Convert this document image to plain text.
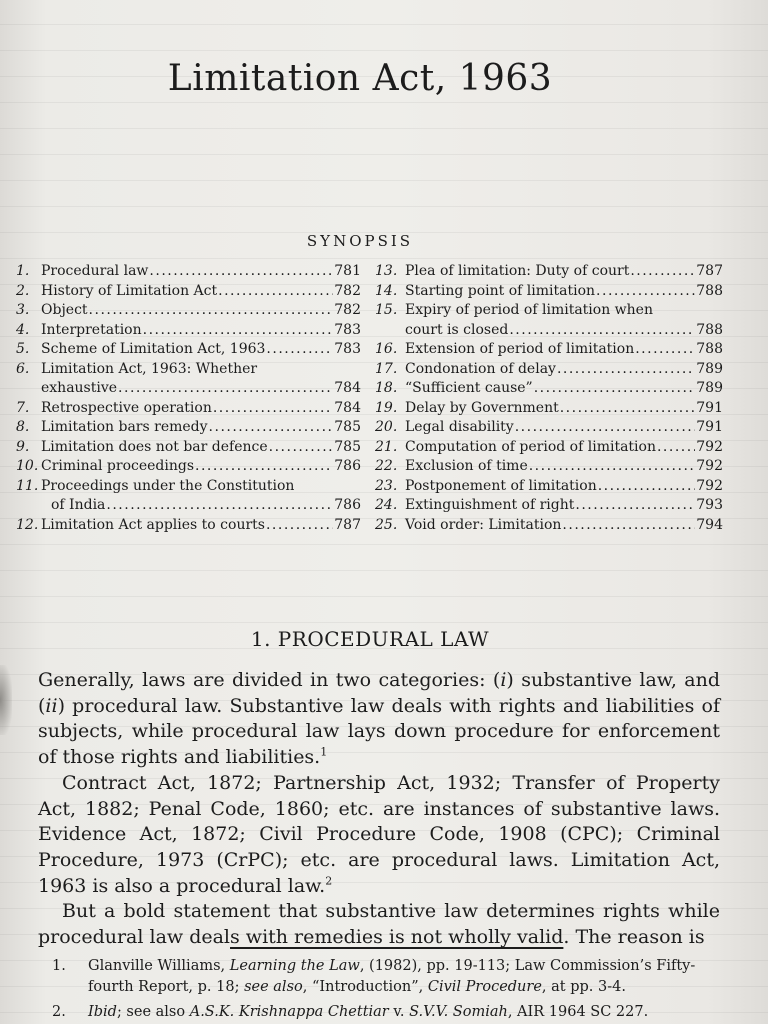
Limitation Act, 1963
SYNOPSIS
1. Procedural law .....	781
2. History of Limitation Act .....	782
3. Object .....	782
4. Interpretation .....	783
5. Scheme of Limitation Act, 1963 .....	783
6. Limitation Act, 1963: Whether
exhaustive .....	784
7. Retrospective operation .....	784
8. Limitation bars remedy .....	785
9. Limitation does not bar defence .....	785
10. Criminal proceedings .....	786
11. Proceedings under the Constitution
of India .....	786
12. Limitation Act applies to courts .....	787
13. Plea of limitation: Duty of court .....	787
14. Starting point of limitation .....	788
15. Expiry of period of limitation when
court is closed .....	788
16. Extension of period of limitation .....	788
17. Condonation of delay .....	789
18. “Sufficient cause” .....	789
19. Delay by Government .....	791
20. Legal disability .....	791
21. Computation of period of limitation .....	792
22. Exclusion of time .....	792
23. Postponement of limitation .....	792
24. Extinguishment of right .....	793
25. Void order: Limitation .....	794
1. PROCEDURAL LAW

Generally, laws are divided in two categories: (i) substantive law, and (ii) procedural law. Substantive law deals with rights and liabilities of subjects, while procedural law lays down procedure for enforcement of those rights and liabilities.$^1$

Contract Act, 1872; Partnership Act, 1932; Transfer of Property Act, 1882; Penal Code, 1860; etc. are instances of substantive laws. Evidence Act, 1872; Civil Procedure Code, 1908 (CPC); Criminal Procedure, 1973 (CrPC); etc. are procedural laws. Limitation Act, 1963 is also a procedural law.$^2$

But a bold statement that substantive law determines rights while procedural law deals with remedies is not wholly valid. The reason is

1.	Glanville Williams, Learning the Law, (1982), pp. 19-113; Law Commission’s Fifty-fourth Report, p. 18; see also, “Introduction”, Civil Procedure, at pp. 3-4.
2.	Ibid; see also A.S.K. Krishnappa Chettiar v. S.V.V. Somiah, AIR 1964 SC 227.
